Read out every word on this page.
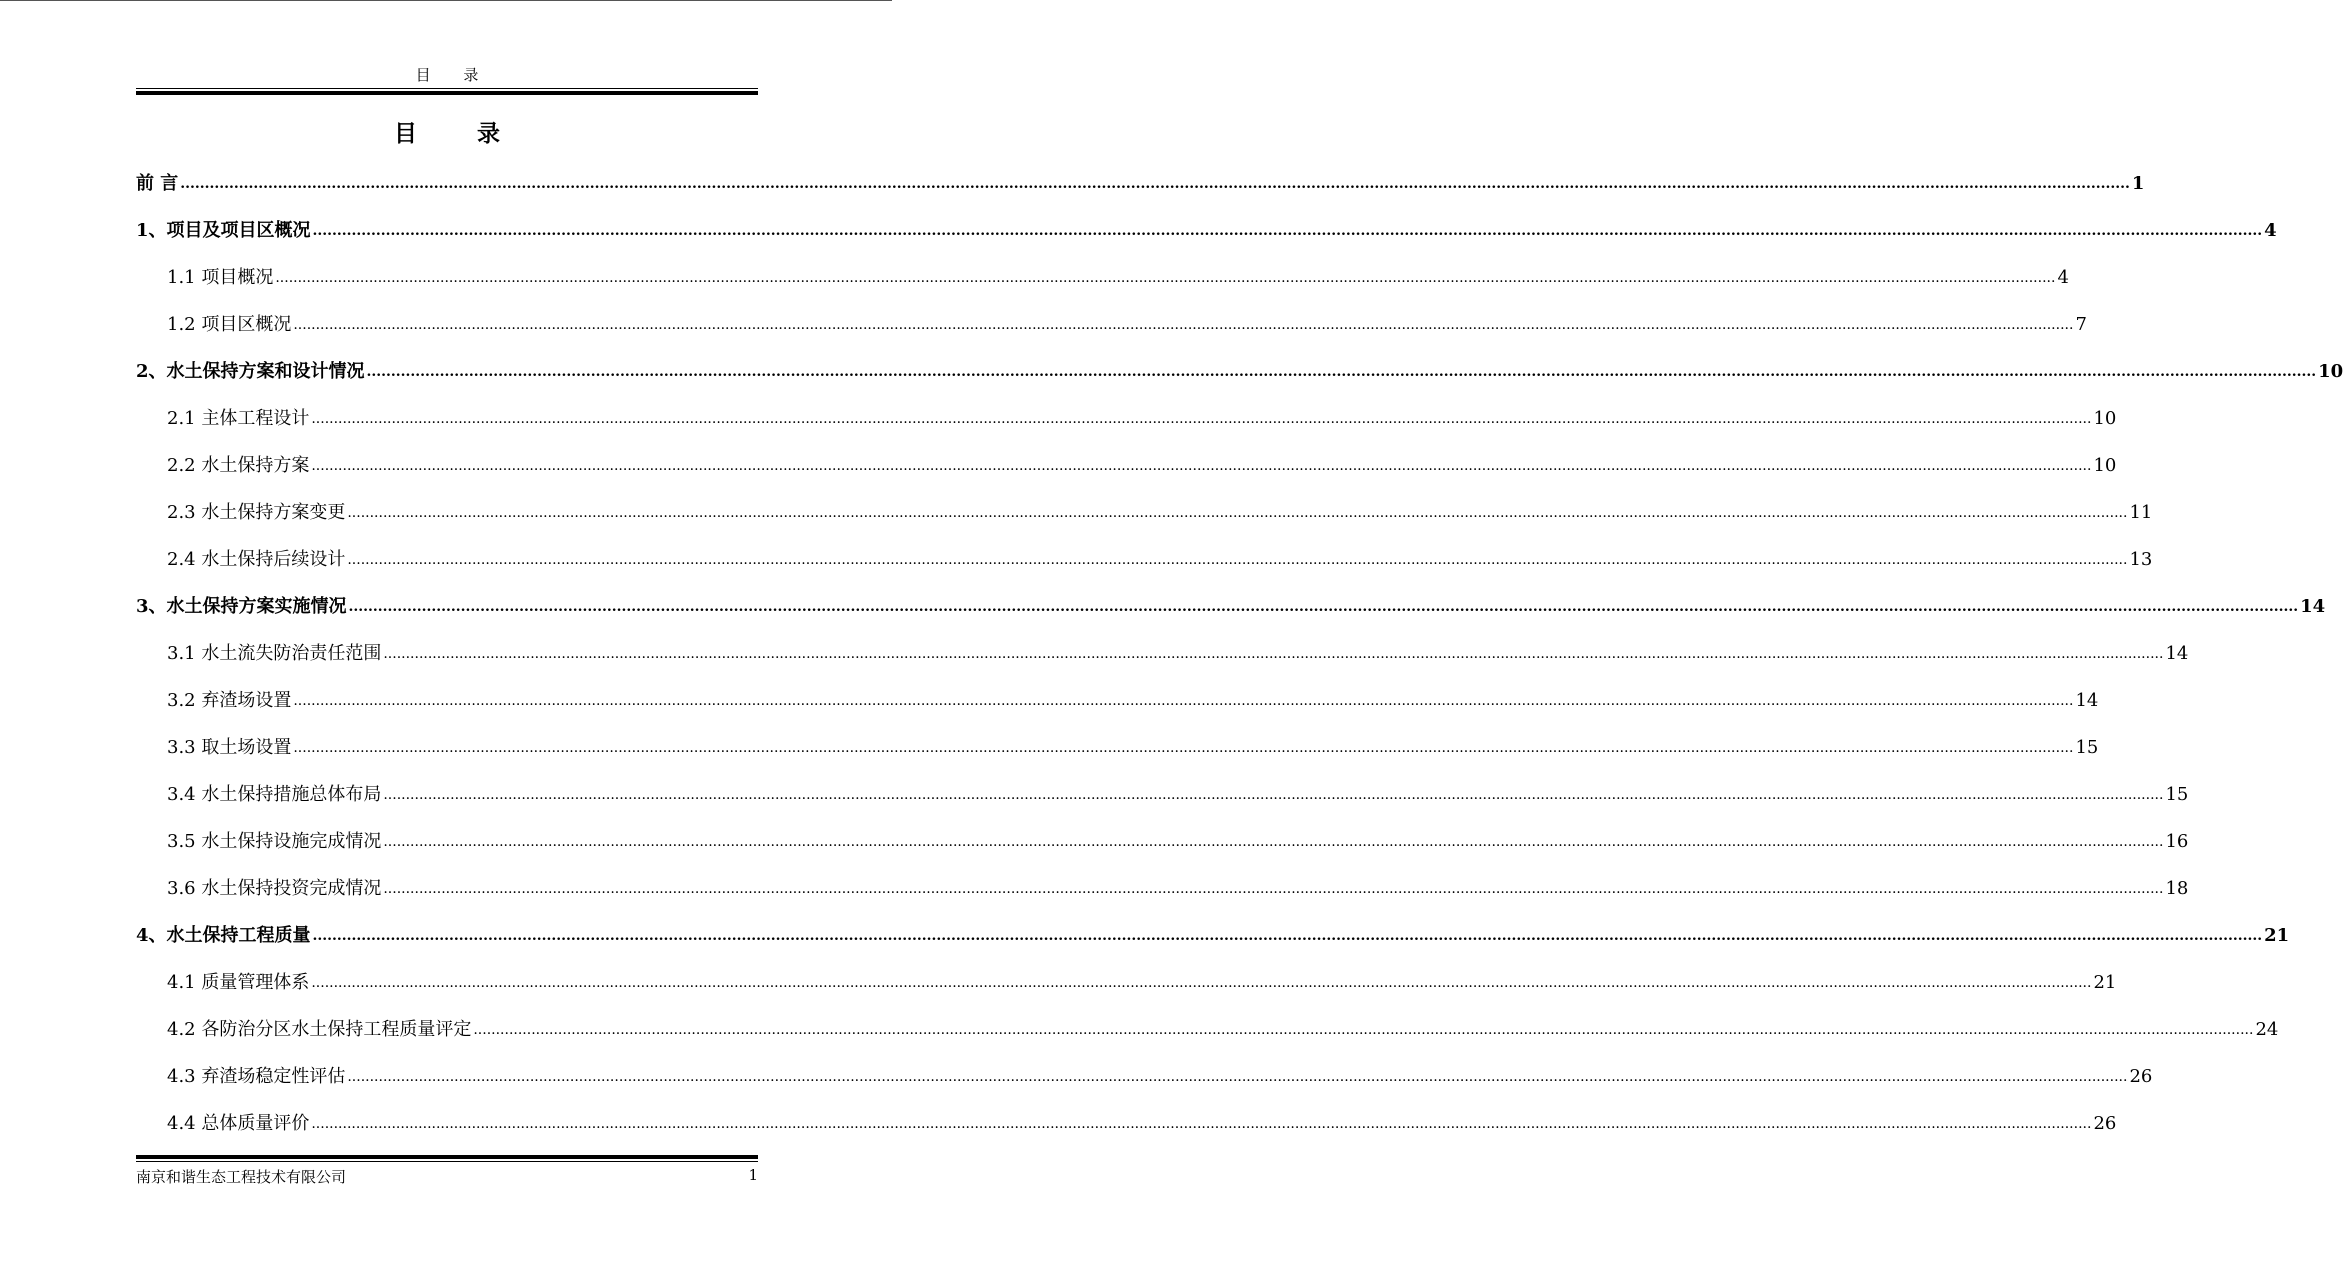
目 录
目 录
前 言 ................................................................................................................................................................................................................................................................................................................................................................................................................ 1
1、项目及项目区概况 ................................................................................................................................................................................................................................................................................................................................................................................................................ 4
1.1 项目概况 ................................................................................................................................................................................................................................................................................................................................................................................................................ 4
1.2 项目区概况 ................................................................................................................................................................................................................................................................................................................................................................................................................ 7
2、水土保持方案和设计情况 ................................................................................................................................................................................................................................................................................................................................................................................................................ 10
2.1 主体工程设计 ................................................................................................................................................................................................................................................................................................................................................................................................................ 10
2.2 水土保持方案 ................................................................................................................................................................................................................................................................................................................................................................................................................ 10
2.3 水土保持方案变更 ................................................................................................................................................................................................................................................................................................................................................................................................................ 11
2.4 水土保持后续设计 ................................................................................................................................................................................................................................................................................................................................................................................................................ 13
3、水土保持方案实施情况 ................................................................................................................................................................................................................................................................................................................................................................................................................ 14
3.1 水土流失防治责任范围 ................................................................................................................................................................................................................................................................................................................................................................................................................ 14
3.2 弃渣场设置 ................................................................................................................................................................................................................................................................................................................................................................................................................ 14
3.3 取土场设置 ................................................................................................................................................................................................................................................................................................................................................................................................................ 15
3.4 水土保持措施总体布局 ................................................................................................................................................................................................................................................................................................................................................................................................................ 15
3.5 水土保持设施完成情况 ................................................................................................................................................................................................................................................................................................................................................................................................................ 16
3.6 水土保持投资完成情况 ................................................................................................................................................................................................................................................................................................................................................................................................................ 18
4、水土保持工程质量 ................................................................................................................................................................................................................................................................................................................................................................................................................ 21
4.1 质量管理体系 ................................................................................................................................................................................................................................................................................................................................................................................................................ 21
4.2 各防治分区水土保持工程质量评定 ................................................................................................................................................................................................................................................................................................................................................................................................................ 24
4.3 弃渣场稳定性评估 ................................................................................................................................................................................................................................................................................................................................................................................................................ 26
4.4 总体质量评价 ................................................................................................................................................................................................................................................................................................................................................................................................................ 26
南京和谐生态工程技术有限公司	1
